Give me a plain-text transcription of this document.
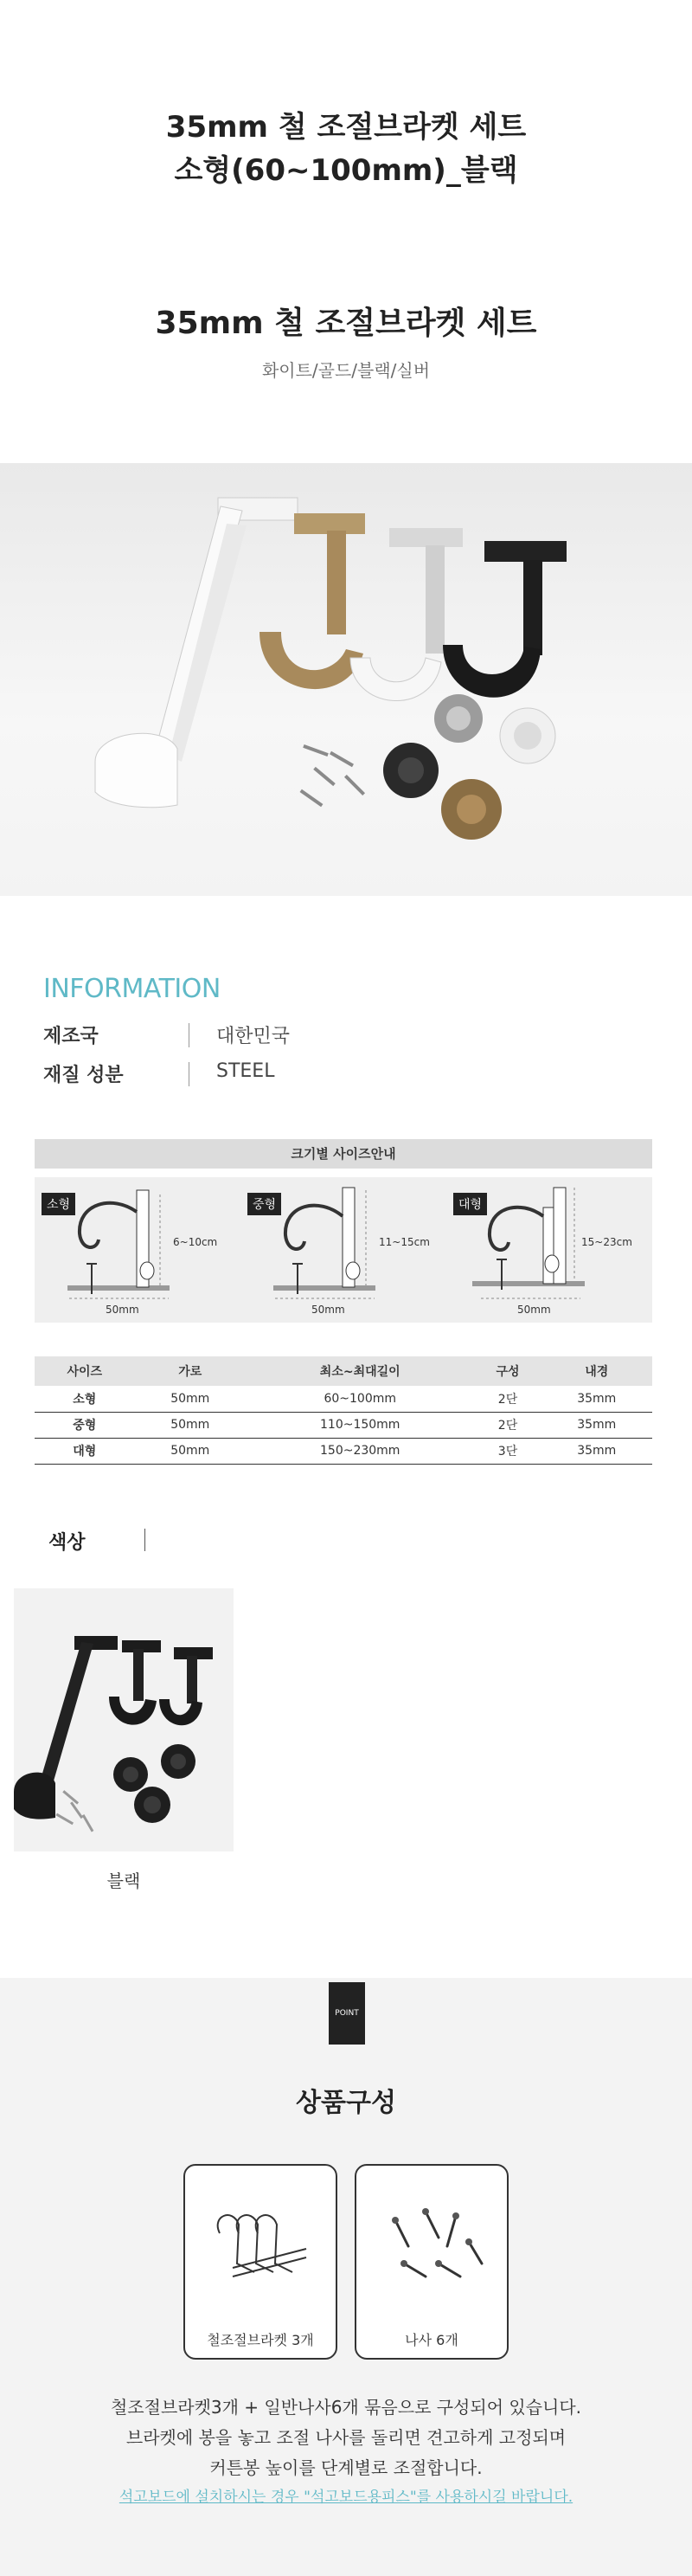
35mm 철 조절브라켓 세트
소형(60~100mm)_블랙
35mm 철 조절브라켓 세트
화이트/골드/블랙/실버
INFORMATION
제조국	대한민국
재질 성분	STEEL
크기별 사이즈안내
소형
6~10cm
50mm
중형
11~15cm
50mm
대형
15~23cm
50mm
사이즈	가로	최소~최대길이	구성	내경
소형	50mm	60~100mm	2단	35mm
중형	50mm	110~150mm	2단	35mm
대형	50mm	150~230mm	3단	35mm
색상
블랙
POINT
상품구성
철조절브라켓 3개	나사 6개
철조절브라켓3개 + 일반나사6개 묶음으로 구성되어 있습니다.
브라켓에 봉을 놓고 조절 나사를 돌리면 견고하게 고정되며
커튼봉 높이를 단계별로 조절합니다.
석고보드에 설치하시는 경우 "석고보드용피스"를 사용하시길 바랍니다.
